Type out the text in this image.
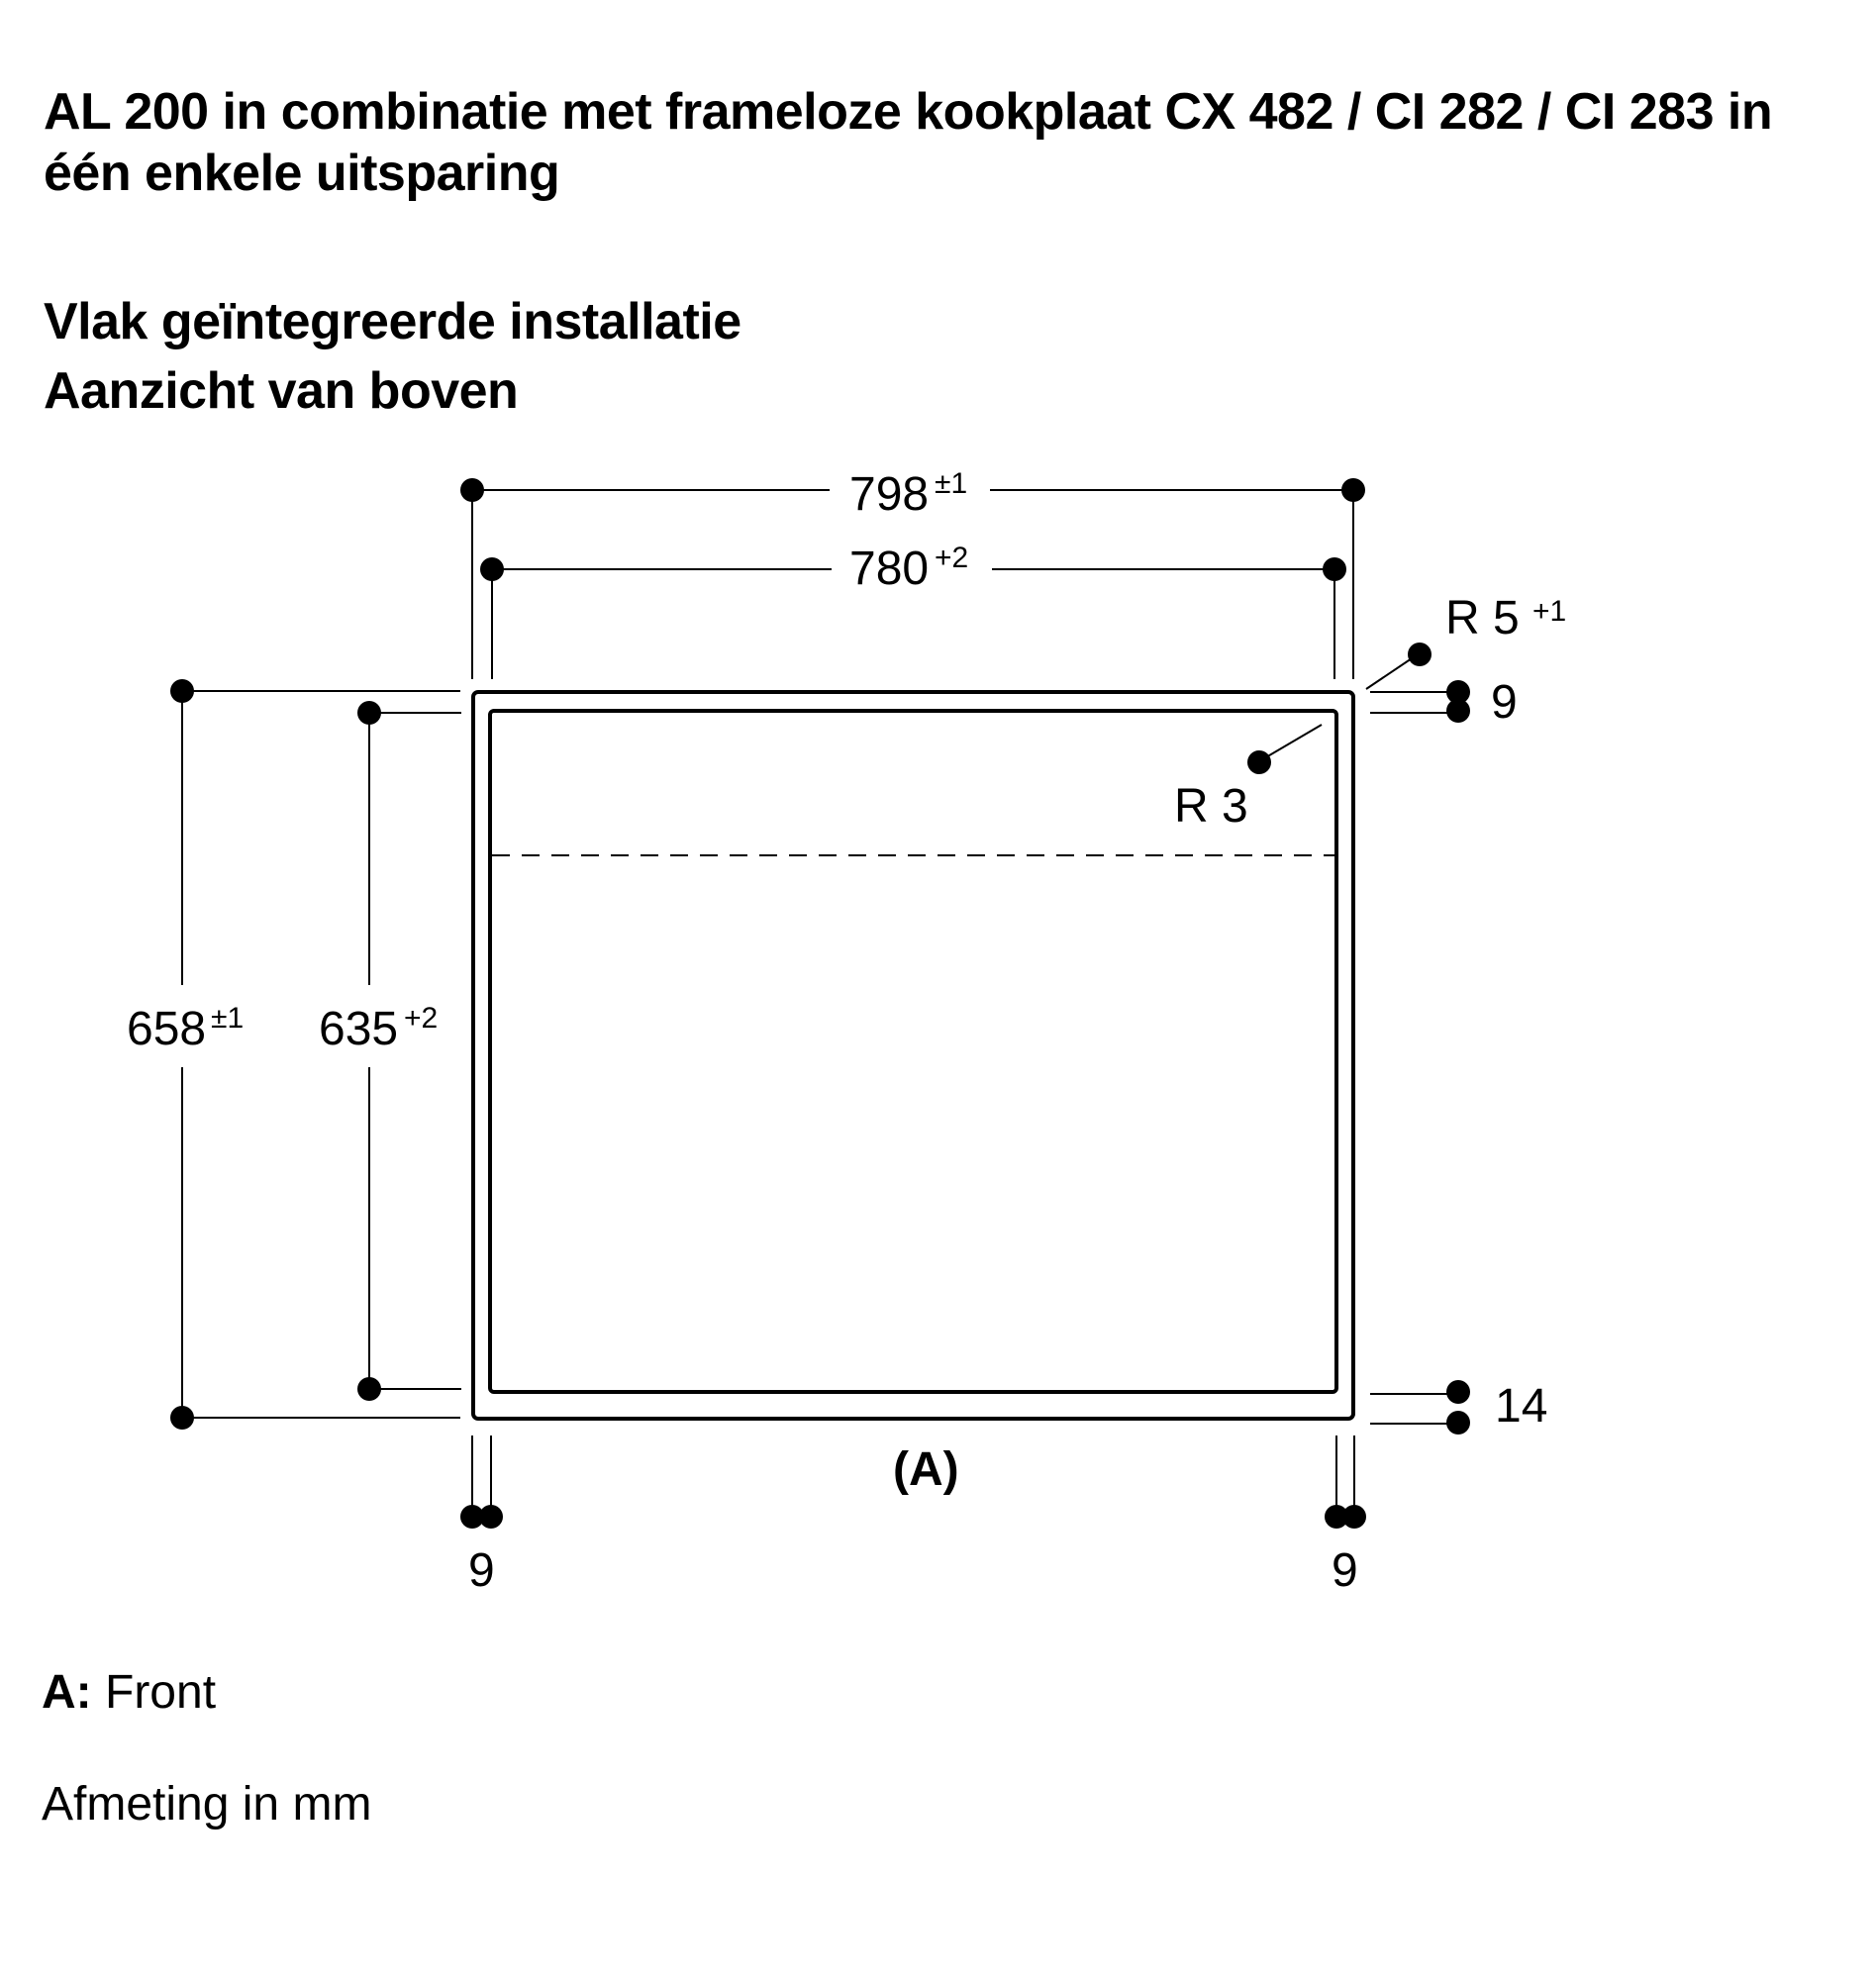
AL 200 in combinatie met frameloze kookplaat CX 482 / CI 282 / CI 283 in één enkele uitsparing
Vlak geïntegreerde installatie
Aanzicht van boven
798 ±1
780 +2
658 ±1 635 +2
R 5 +1
9
R 3
14
9	9
(A)
A: Front
Afmeting in mm
